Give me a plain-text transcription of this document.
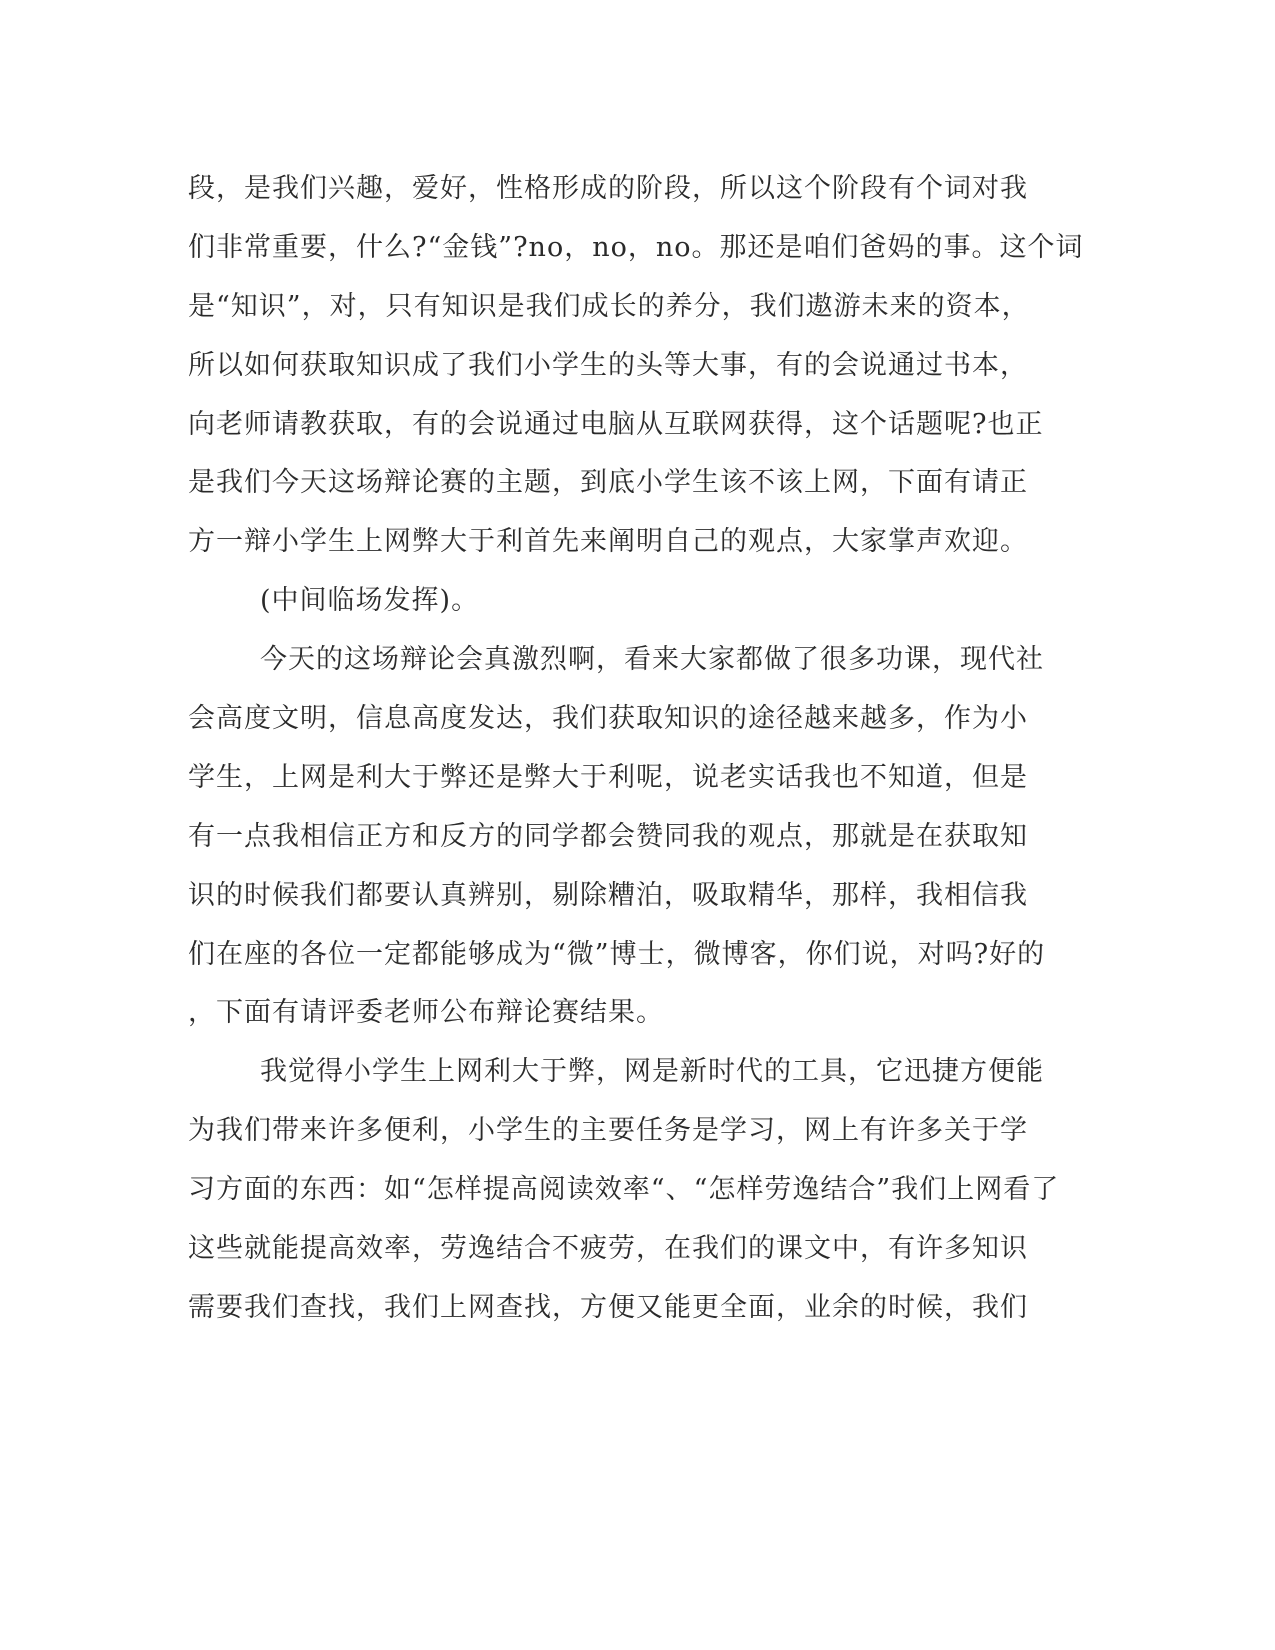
段，是我们兴趣，爱好，性格形成的阶段，所以这个阶段有个词对我
们非常重要，什么?“金钱”?no，no，no。那还是咱们爸妈的事。这个词
是“知识”，对，只有知识是我们成长的养分，我们遨游未来的资本，
所以如何获取知识成了我们小学生的头等大事，有的会说通过书本，
向老师请教获取，有的会说通过电脑从互联网获得，这个话题呢?也正
是我们今天这场辩论赛的主题，到底小学生该不该上网，下面有请正
方一辩小学生上网弊大于利首先来阐明自己的观点，大家掌声欢迎。
(中间临场发挥)。
今天的这场辩论会真激烈啊，看来大家都做了很多功课，现代社
会高度文明，信息高度发达，我们获取知识的途径越来越多，作为小
学生，上网是利大于弊还是弊大于利呢，说老实话我也不知道，但是
有一点我相信正方和反方的同学都会赞同我的观点，那就是在获取知
识的时候我们都要认真辨别，剔除糟泊，吸取精华，那样，我相信我
们在座的各位一定都能够成为“微”博士，微博客，你们说，对吗?好的
，下面有请评委老师公布辩论赛结果。
我觉得小学生上网利大于弊，网是新时代的工具，它迅捷方便能
为我们带来许多便利，小学生的主要任务是学习，网上有许多关于学
习方面的东西：如“怎样提高阅读效率“、“怎样劳逸结合”我们上网看了
这些就能提高效率，劳逸结合不疲劳，在我们的课文中，有许多知识
需要我们查找，我们上网查找，方便又能更全面，业余的时候，我们
